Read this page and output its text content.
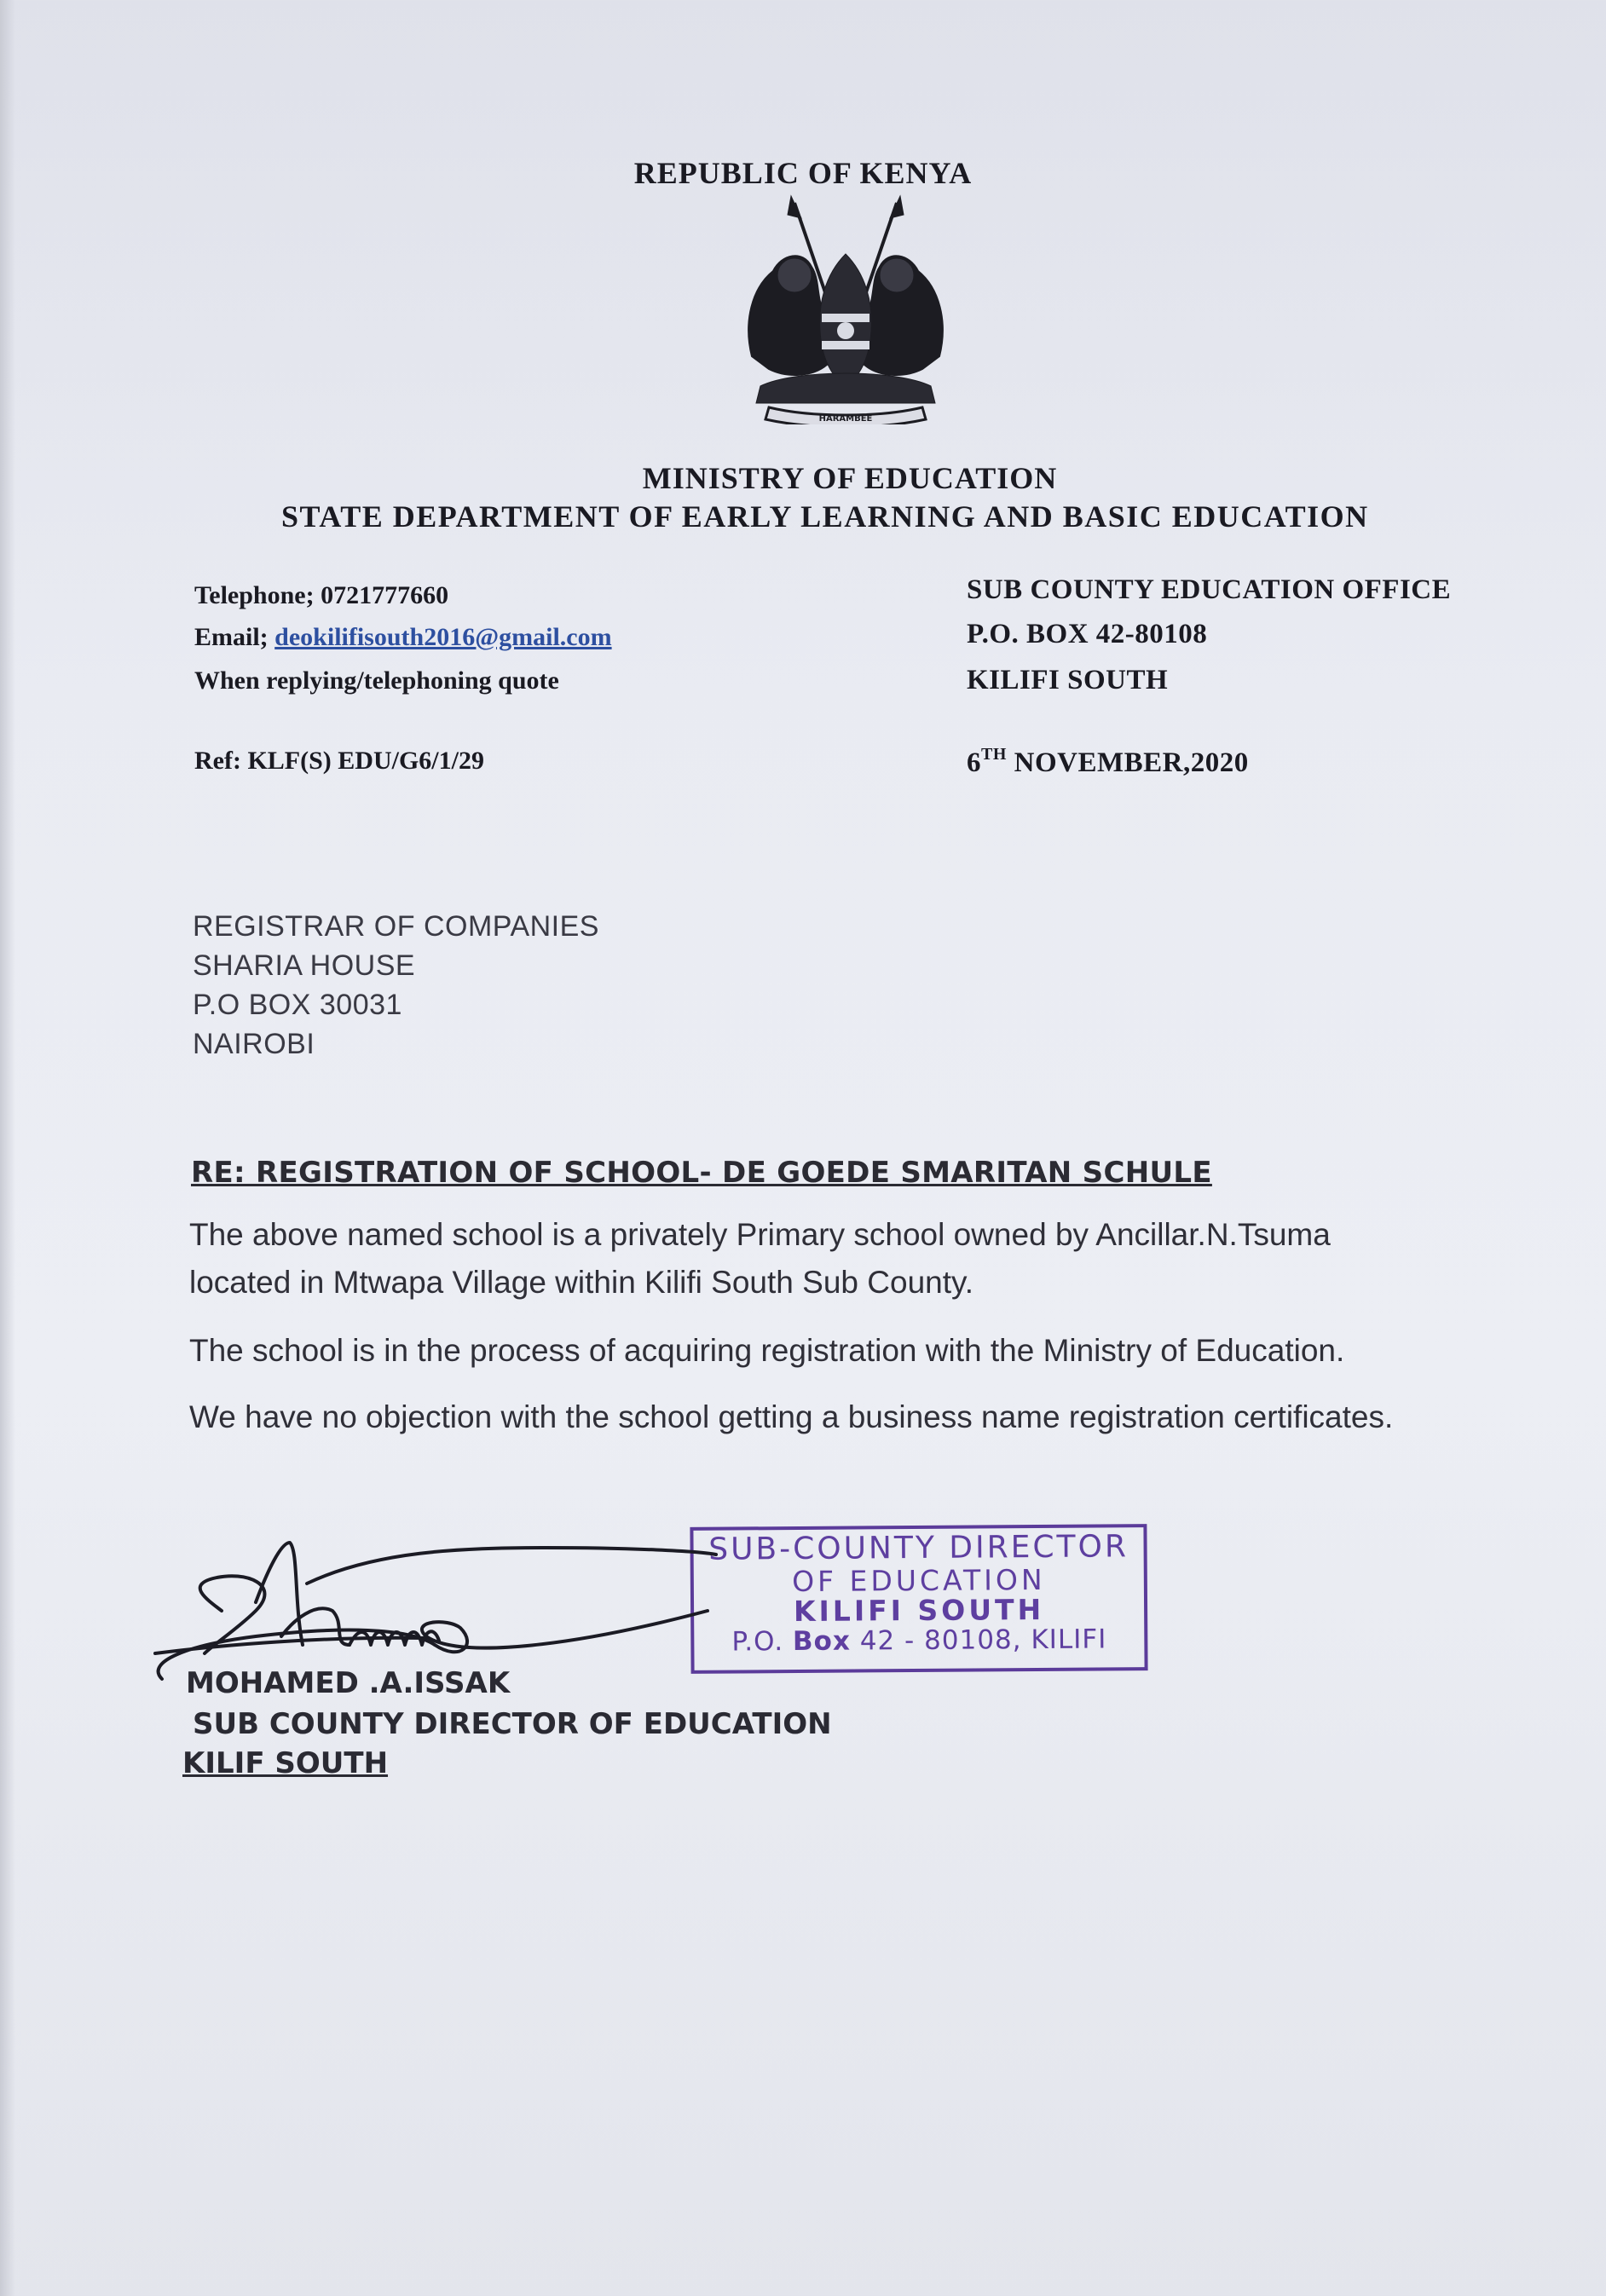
REPUBLIC OF KENYA
HARAMBEE
MINISTRY OF EDUCATION
STATE DEPARTMENT OF EARLY LEARNING AND BASIC EDUCATION
Telephone; 0721777660
Email; deokilifisouth2016@gmail.com
When replying/telephoning quote
Ref: KLF(S) EDU/G6/1/29
SUB COUNTY EDUCATION OFFICE
P.O. BOX 42-80108
KILIFI SOUTH
6TH NOVEMBER,2020
REGISTRAR OF COMPANIES
SHARIA HOUSE
P.O BOX 30031
NAIROBI
RE: REGISTRATION OF SCHOOL- DE GOEDE SMARITAN SCHULE
The above named school is a privately Primary school owned by Ancillar.N.Tsuma
located in Mtwapa Village within Kilifi South Sub County.
The school is in the process of acquiring registration with the Ministry of Education.
We have no objection with the school getting a business name registration certificates.
SUB-COUNTY DIRECTOR
OF EDUCATION
KILIFI SOUTH
P.O. Box 42 - 80108, KILIFI
MOHAMED .A.ISSAK
SUB COUNTY DIRECTOR OF EDUCATION
KILIF SOUTH
